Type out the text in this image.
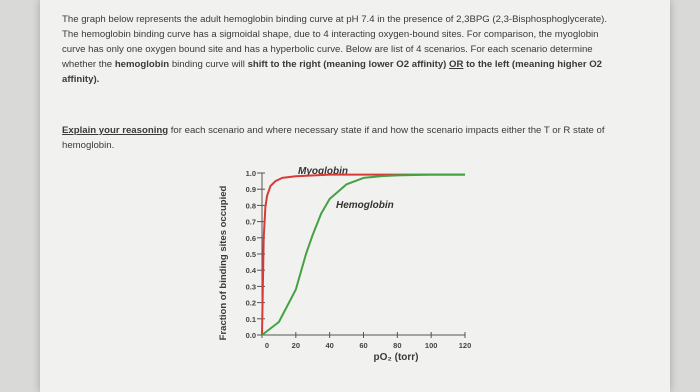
The graph below represents the adult hemoglobin binding curve at pH 7.4 in the presence of 2,3BPG (2,3-Bisphosphoglycerate). The hemoglobin binding curve has a sigmoidal shape, due to 4 interacting oxygen-bound sites. For comparison, the myoglobin curve has only one oxygen bound site and has a hyperbolic curve. Below are list of 4 scenarios. For each scenario determine whether the hemoglobin binding curve will shift to the right (meaning lower O2 affinity) OR to the left (meaning higher O2 affinity).
Explain your reasoning for each scenario and where necessary state if and how the scenario impacts either the T or R state of hemoglobin.
Fraction of binding sites occupied
pO₂ (torr)
Myoglobin
Hemoglobin
0.0
0.1
0.2
0.3
0.4
0.5
0.6
0.7
0.8
0.9
1.0
0	20	40	60	80	100	120
